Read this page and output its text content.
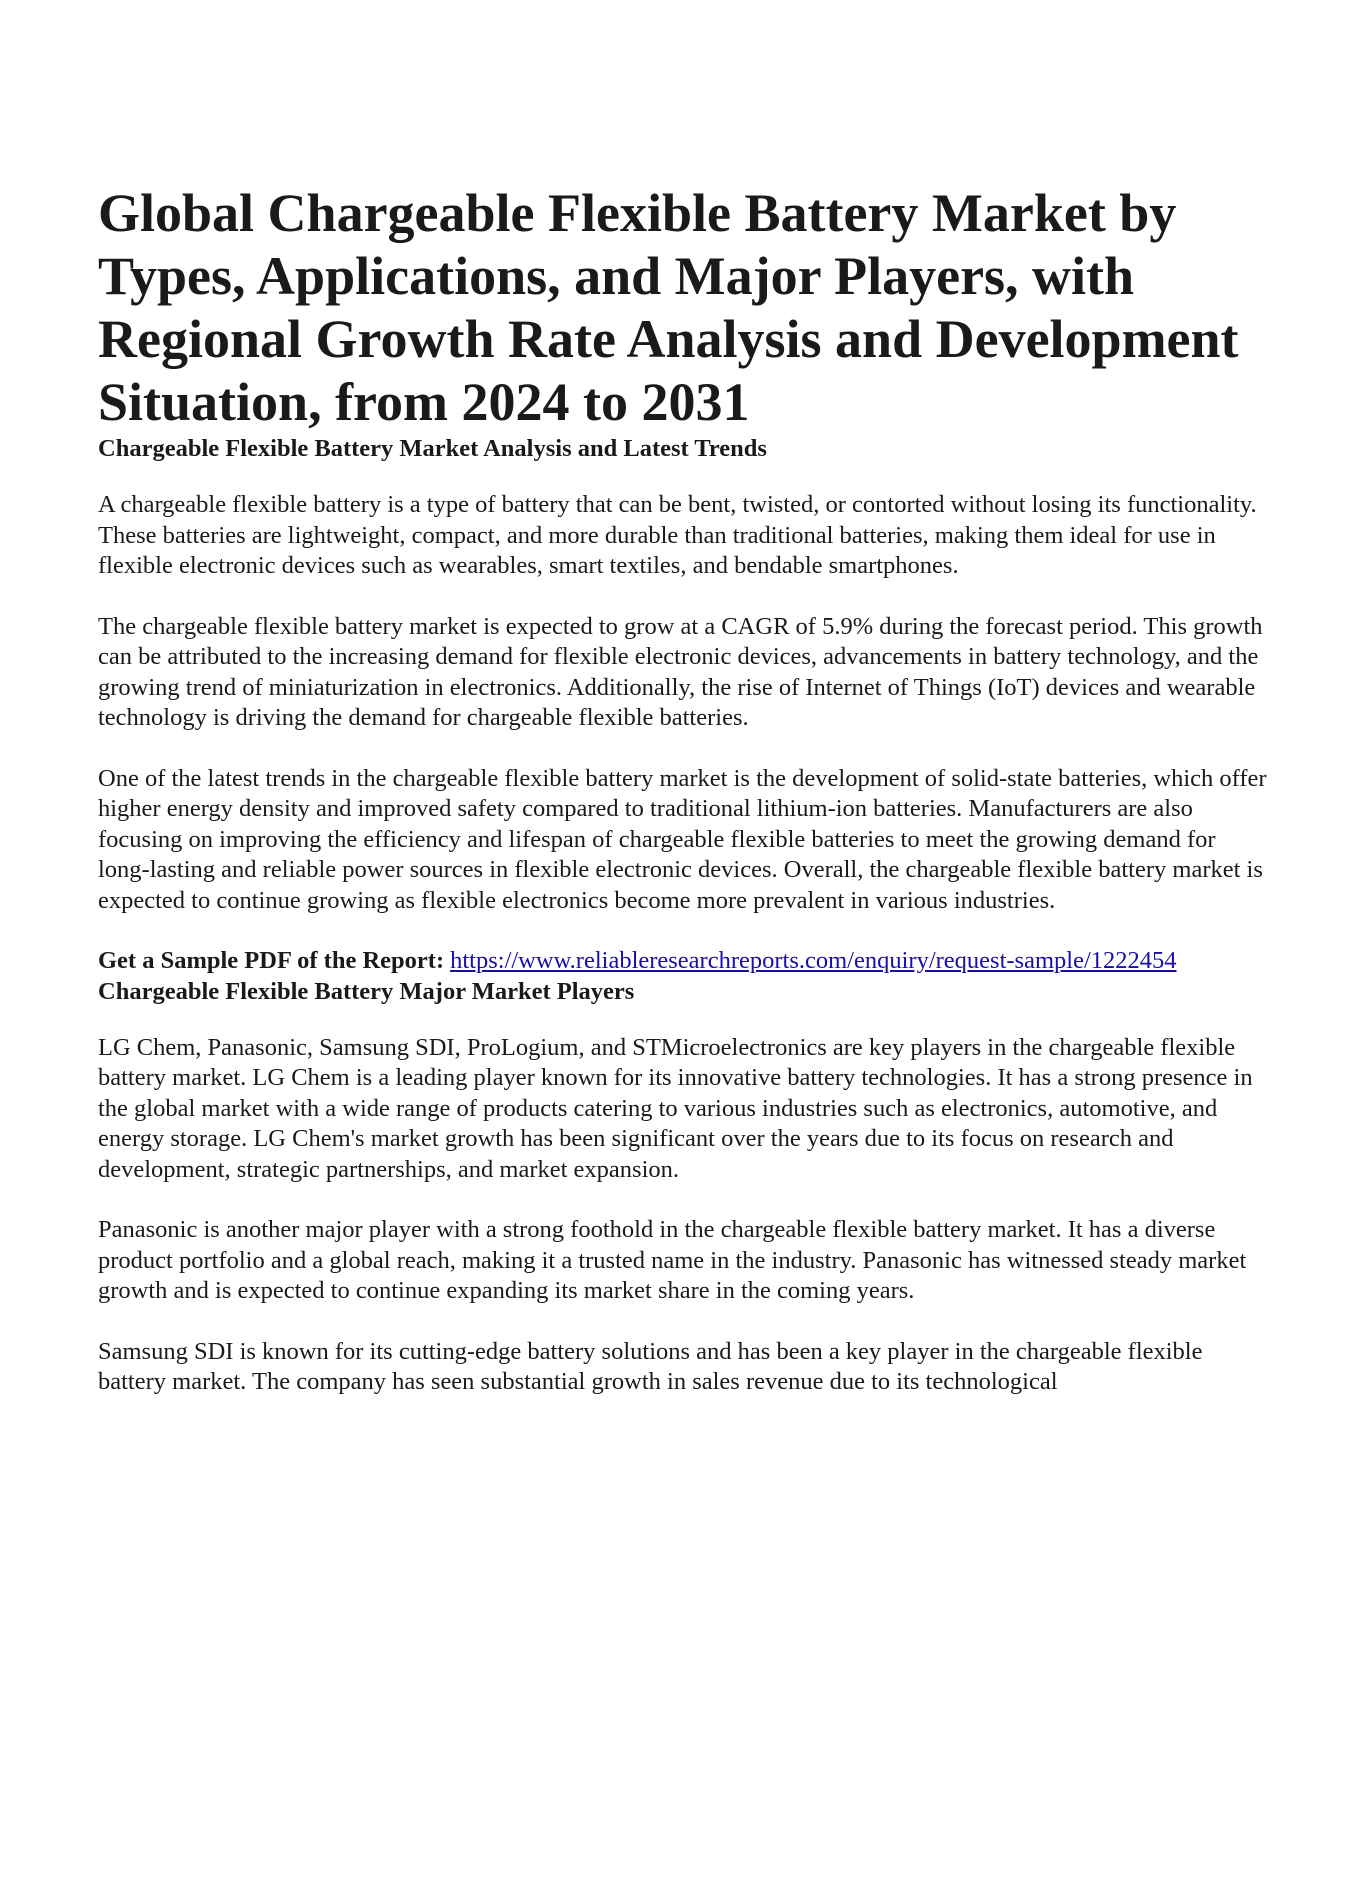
Global Chargeable Flexible Battery Market by Types, Applications, and Major Players, with Regional Growth Rate Analysis and Development Situation, from 2024 to 2031
Chargeable Flexible Battery Market Analysis and Latest Trends

A chargeable flexible battery is a type of battery that can be bent, twisted, or contorted without losing its functionality. These batteries are lightweight, compact, and more durable than traditional batteries, making them ideal for use in flexible electronic devices such as wearables, smart textiles, and bendable smartphones.

The chargeable flexible battery market is expected to grow at a CAGR of 5.9% during the forecast period. This growth can be attributed to the increasing demand for flexible electronic devices, advancements in battery technology, and the growing trend of miniaturization in electronics. Additionally, the rise of Internet of Things (IoT) devices and wearable technology is driving the demand for chargeable flexible batteries.

One of the latest trends in the chargeable flexible battery market is the development of solid-state batteries, which offer higher energy density and improved safety compared to traditional lithium-ion batteries. Manufacturers are also focusing on improving the efficiency and lifespan of chargeable flexible batteries to meet the growing demand for long-lasting and reliable power sources in flexible electronic devices. Overall, the chargeable flexible battery market is expected to continue growing as flexible electronics become more prevalent in various industries.

Get a Sample PDF of the Report: https://www.reliableresearchreports.com/enquiry/request-sample/1222454
Chargeable Flexible Battery Major Market Players

LG Chem, Panasonic, Samsung SDI, ProLogium, and STMicroelectronics are key players in the chargeable flexible battery market. LG Chem is a leading player known for its innovative battery technologies. It has a strong presence in the global market with a wide range of products catering to various industries such as electronics, automotive, and energy storage. LG Chem's market growth has been significant over the years due to its focus on research and development, strategic partnerships, and market expansion.

Panasonic is another major player with a strong foothold in the chargeable flexible battery market. It has a diverse product portfolio and a global reach, making it a trusted name in the industry. Panasonic has witnessed steady market growth and is expected to continue expanding its market share in the coming years.

Samsung SDI is known for its cutting-edge battery solutions and has been a key player in the chargeable flexible battery market. The company has seen substantial growth in sales revenue due to its technological
